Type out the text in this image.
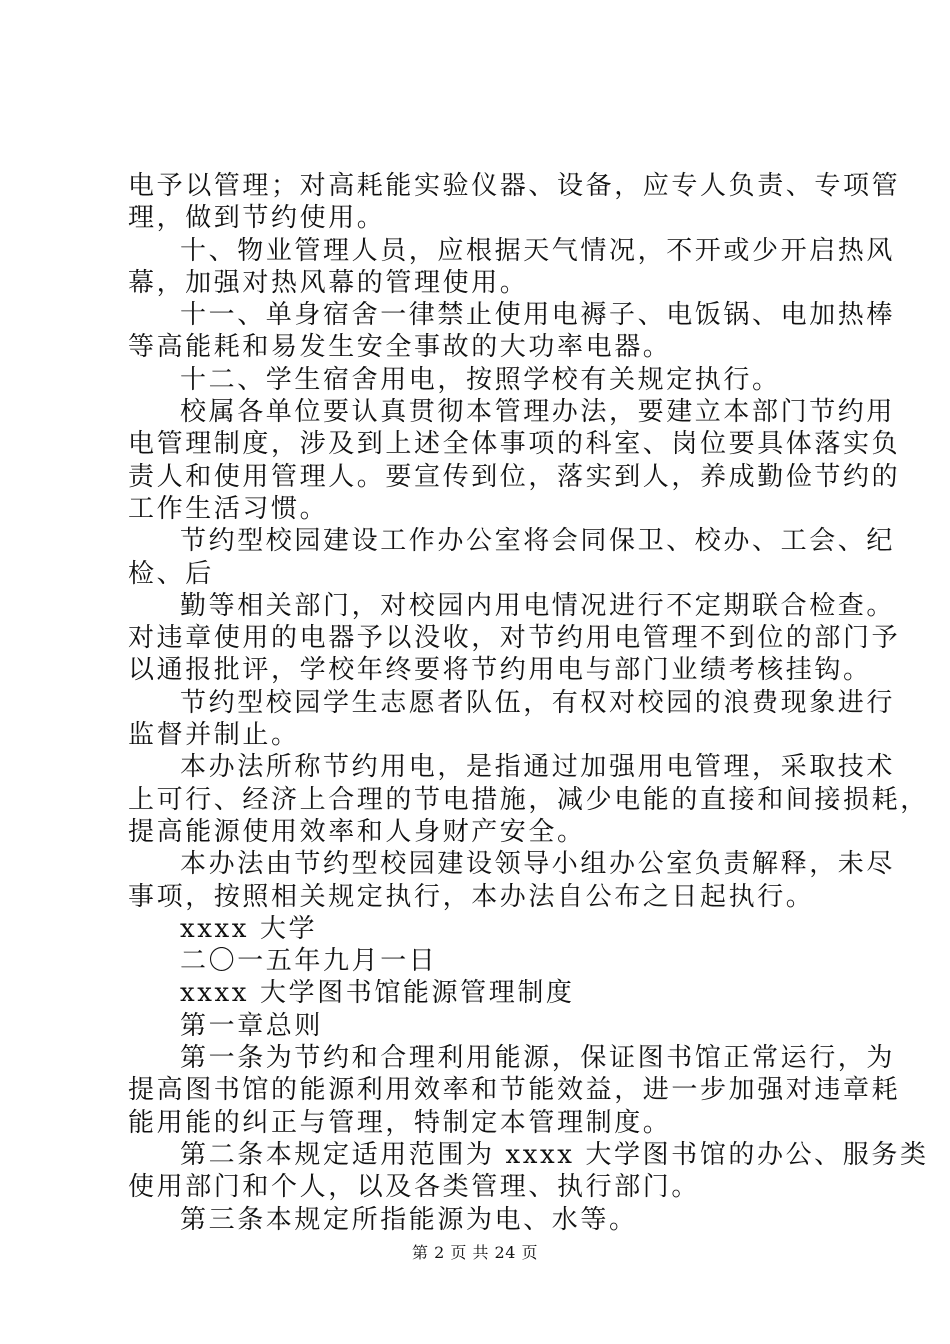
电予以管理；对高耗能实验仪器、设备，应专人负责、专项管
理，做到节约使用。
十、物业管理人员，应根据天气情况，不开或少开启热风
幕，加强对热风幕的管理使用。
十一、单身宿舍一律禁止使用电褥子、电饭锅、电加热棒
等高能耗和易发生安全事故的大功率电器。
十二、学生宿舍用电，按照学校有关规定执行。
校属各单位要认真贯彻本管理办法，要建立本部门节约用
电管理制度，涉及到上述全体事项的科室、岗位要具体落实负
责人和使用管理人。要宣传到位，落实到人，养成勤俭节约的
工作生活习惯。
节约型校园建设工作办公室将会同保卫、校办、工会、纪
检、后
勤等相关部门，对校园内用电情况进行不定期联合检查。
对违章使用的电器予以没收，对节约用电管理不到位的部门予
以通报批评，学校年终要将节约用电与部门业绩考核挂钩。
节约型校园学生志愿者队伍，有权对校园的浪费现象进行
监督并制止。
本办法所称节约用电，是指通过加强用电管理，采取技术
上可行、经济上合理的节电措施，减少电能的直接和间接损耗，
提高能源使用效率和人身财产安全。
本办法由节约型校园建设领导小组办公室负责解释，未尽
事项，按照相关规定执行，本办法自公布之日起执行。
xxxx 大学
二〇一五年九月一日
xxxx 大学图书馆能源管理制度
第一章总则
第一条为节约和合理利用能源，保证图书馆正常运行，为
提高图书馆的能源利用效率和节能效益，进一步加强对违章耗
能用能的纠正与管理，特制定本管理制度。
第二条本规定适用范围为 xxxx 大学图书馆的办公、服务类
使用部门和个人，以及各类管理、执行部门。
第三条本规定所指能源为电、水等。
第 2 页 共 24 页
